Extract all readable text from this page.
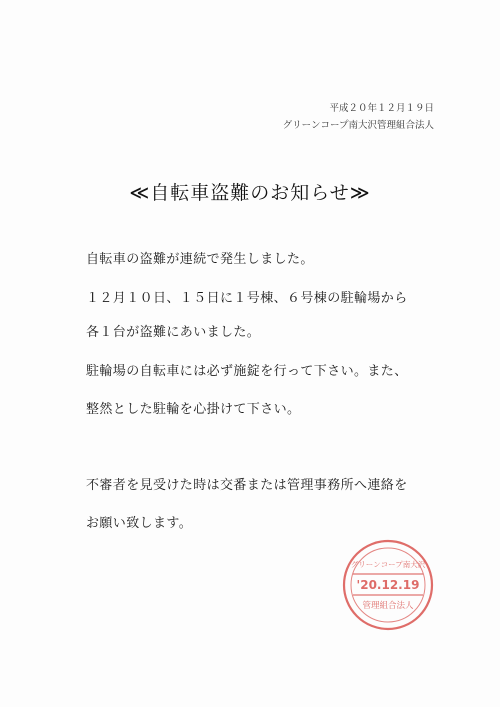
平成２０年１２月１９日
グリーンコープ南大沢管理組合法人
≪自転車盗難のお知らせ≫
自転車の盗難が連続で発生しました。
１２月１０日、１５日に１号棟、６号棟の駐輪場から
各１台が盗難にあいました。
駐輪場の自転車には必ず施錠を行って下さい。また、
整然とした駐輪を心掛けて下さい。
不審者を見受けた時は交番または管理事務所へ連絡を
お願い致します。
グリーンコープ南大沢
'20.12.19
管理組合法人
